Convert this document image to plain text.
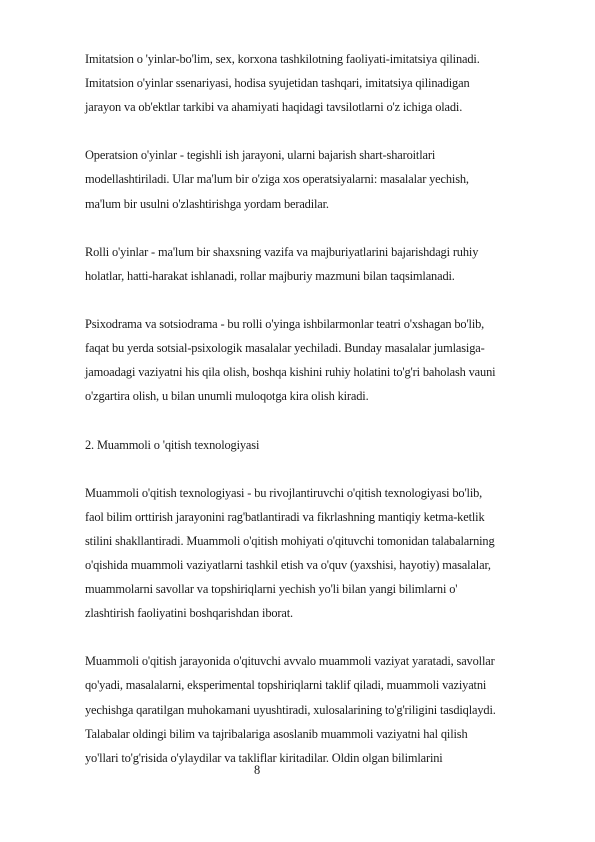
Imitatsion o 'yinlar-bo'lim, sex, korxona tashkilotning faoliyati-imitatsiya qilinadi.
Imitatsion o'yinlar ssenariyasi, hodisa syujetidan tashqari, imitatsiya qilinadigan
jarayon va ob'ektlar tarkibi va ahamiyati haqidagi tavsilotlarni o'z ichiga oladi.

Operatsion o'yinlar - tegishli ish jarayoni, ularni bajarish shart-sharoitlari
modellashtiriladi. Ular ma'lum bir o'ziga xos operatsiyalarni: masalalar yechish,
ma'lum bir usulni o'zlashtirishga yordam beradilar.

Rolli o'yinlar - ma'lum bir shaxsning vazifa va majburiyatlarini bajarishdagi ruhiy
holatlar, hatti-harakat ishlanadi, rollar majburiy mazmuni bilan taqsimlanadi.

Psixodrama va sotsiodrama - bu rolli o'yinga ishbilarmonlar teatri o'xshagan bo'lib,
faqat bu yerda sotsial-psixologik masalalar yechiladi. Bunday masalalar jumlasiga-
jamoadagi vaziyatni his qila olish, boshqa kishini ruhiy holatini to'g'ri baholash vauni
o'zgartira olish, u bilan unumli muloqotga kira olish kiradi.

2. Muammoli o 'qitish texnologiyasi

Muammoli o'qitish texnologiyasi - bu rivojlantiruvchi o'qitish texnologiyasi bo'lib,
faol bilim orttirish jarayonini rag'batlantiradi va fikrlashning mantiqiy ketma-ketlik
stilini shakllantiradi. Muammoli o'qitish mohiyati o'qituvchi tomonidan talabalarning
o'qishida muammoli vaziyatlarni tashkil etish va o'quv (yaxshisi, hayotiy) masalalar,
muammolarni savollar va topshiriqlarni yechish yo'li bilan yangi bilimlarni o'
zlashtirish faoliyatini boshqarishdan iborat.

Muammoli o'qitish jarayonida o'qituvchi avvalo muammoli vaziyat yaratadi, savollar
qo'yadi, masalalarni, eksperimental topshiriqlarni taklif qiladi, muammoli vaziyatni
yechishga qaratilgan muhokamani uyushtiradi, xulosalarining to'g'riligini tasdiqlaydi.
Talabalar oldingi bilim va tajribalariga asoslanib muammoli vaziyatni hal qilish
yo'llari to'g'risida o'ylaydilar va takliflar kiritadilar. Oldin olgan bilimlarini

8
